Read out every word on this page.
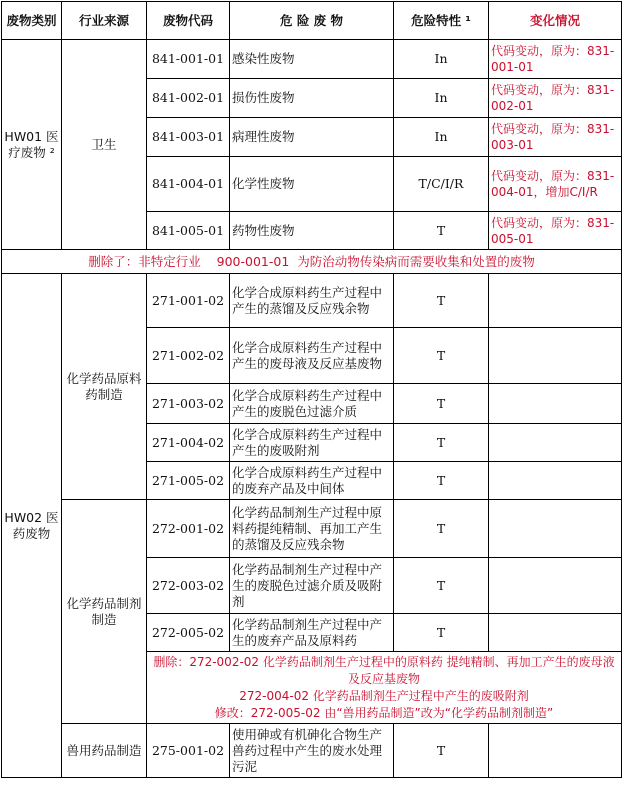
废物类别	行业来源	废物代码	危 险 废 物	危险特性 ¹	变化情况
HW01 医疗废物 ²	卫生	841-001-01	感染性废物	In	代码变动，原为：831-001-01
		841-002-01	损伤性废物	In	代码变动，原为：831-002-01
		841-003-01	病理性废物	In	代码变动，原为：831-003-01
		841-004-01	化学性废物	T/C/I/R	代码变动，原为：831-004-01，增加C/I/R
		841-005-01	药物性废物	T	代码变动，原为：831-005-01
删除了：非特定行业    900-001-01  为防治动物传染病而需要收集和处置的废物					
HW02 医药废物	化学药品原料药制造	271-001-02	化学合成原料药生产过程中产生的蒸馏及反应残余物	T	
		271-002-02	化学合成原料药生产过程中产生的废母液及反应基废物	T	
		271-003-02	化学合成原料药生产过程中产生的废脱色过滤介质	T	
		271-004-02	化学合成原料药生产过程中产生的废吸附剂	T	
		271-005-02	化学合成原料药生产过程中的废弃产品及中间体	T	
	化学药品制剂制造	272-001-02	化学药品制剂生产过程中原料药提纯精制、再加工产生的蒸馏及反应残余物	T	
		272-003-02	化学药品制剂生产过程中产生的废脱色过滤介质及吸附剂	T	
		272-005-02	化学药品制剂生产过程中产生的废弃产品及原料药	T	

		删除：272-002-02 化学药品制剂生产过程中的原料药 提纯精制、再加工产生的废母液及反应基废物
272-004-02 化学药品制剂生产过程中产生的废吸附剂
修改：272-005-02 由“兽用药品制造”改为“化学药品制剂制造”			

	兽用药品制造	275-001-02	使用砷或有机砷化合物生产兽药过程中产生的废水处理污泥	T	
